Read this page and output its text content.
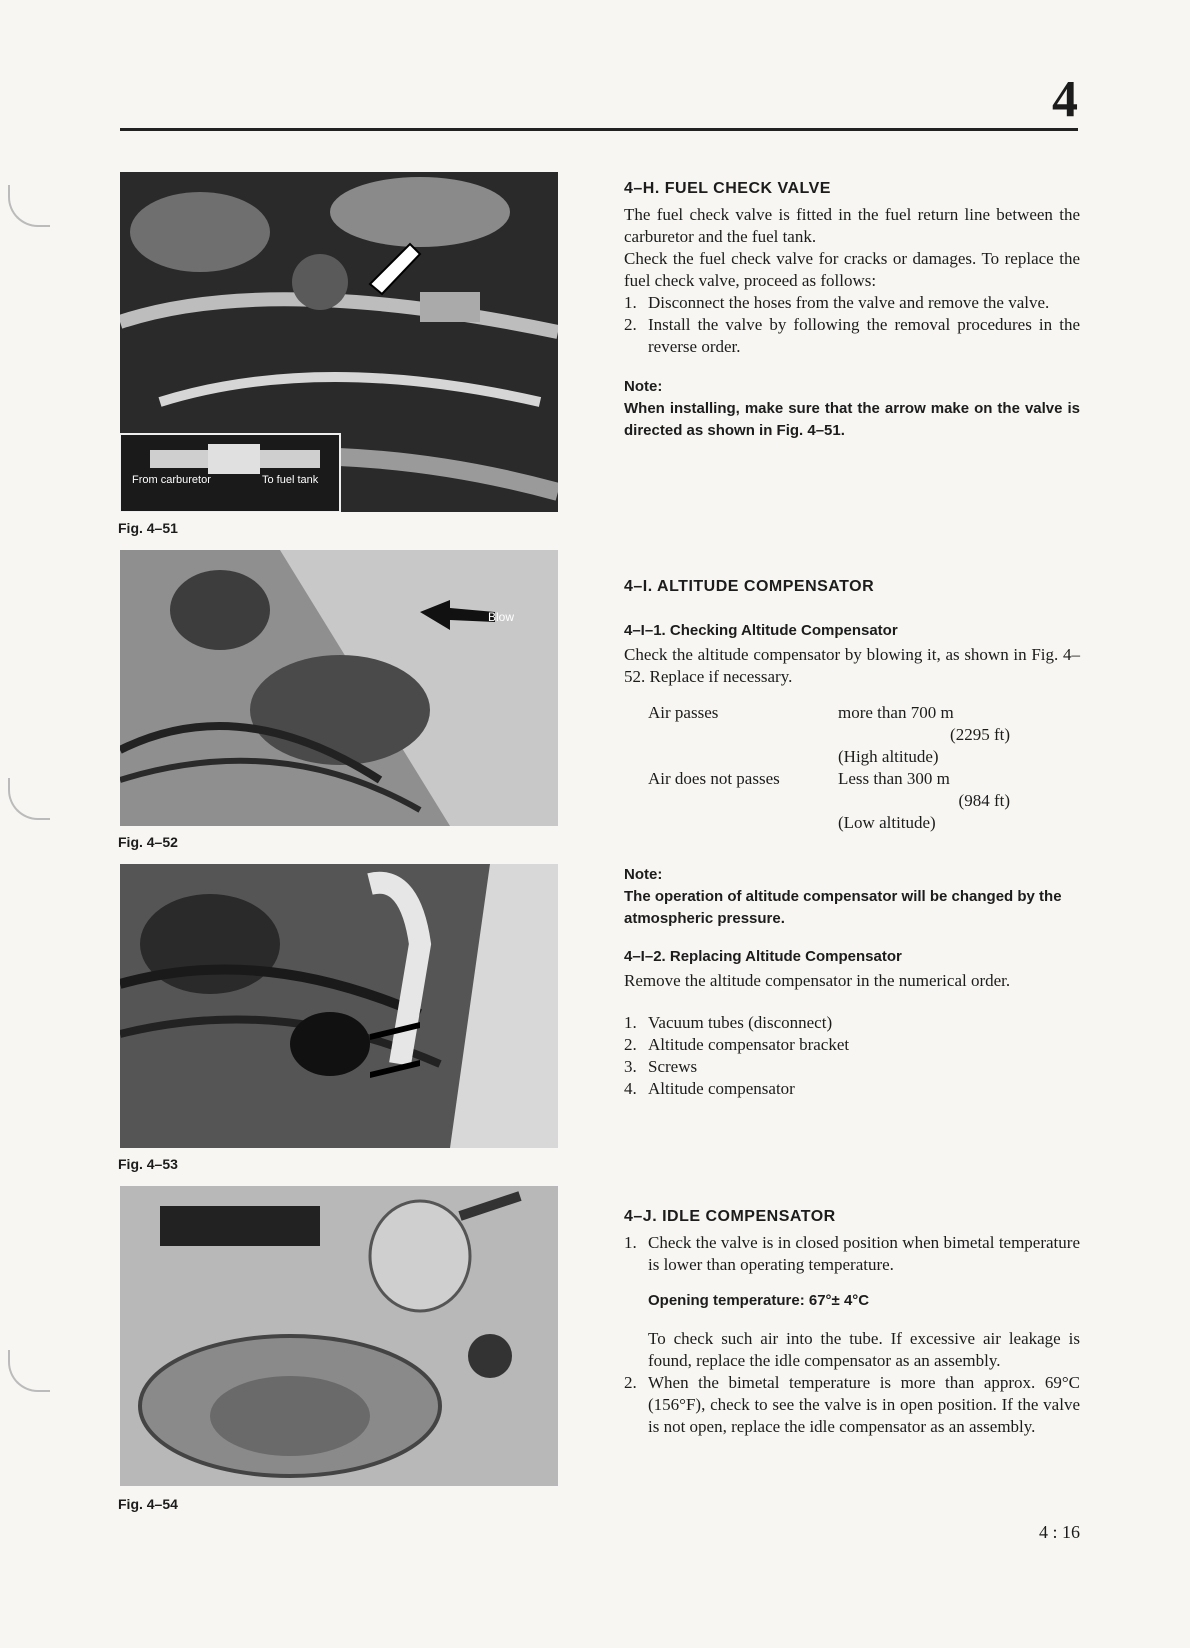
4
From carburetor	To fuel tank
Fig. 4–51
Blow
Fig. 4–52
Fig. 4–53
Fig. 4–54
4–H. FUEL CHECK VALVE

The fuel check valve is fitted in the fuel return line between the carburetor and the fuel tank.

Check the fuel check valve for cracks or damages. To replace the fuel check valve, proceed as follows:

1. Disconnect the hoses from the valve and remove the valve.
2. Install the valve by following the removal procedures in the reverse order.
Note:
When installing, make sure that the arrow make on the valve is directed as shown in Fig. 4–51.
4–I. ALTITUDE COMPENSATOR
4–I–1. Checking Altitude Compensator

Check the altitude compensator by blowing it, as shown in Fig. 4–52. Replace if necessary.

Air passes	more than 700 m
(2295 ft)
(High altitude)
Air does not passes	Less than 300 m
(984 ft)
(Low altitude)
Note:
The operation of altitude compensator will be changed by the atmospheric pressure.
4–I–2. Replacing Altitude Compensator

Remove the altitude compensator in the numerical order.

1. Vacuum tubes (disconnect)
2. Altitude compensator bracket
3. Screws
4. Altitude compensator
4–J. IDLE COMPENSATOR
1. Check the valve is in closed position when bimetal temperature is lower than operating temperature.
Opening temperature: 67°± 4°C

To check such air into the tube. If excessive air leakage is found, replace the idle compensator as an assembly.

2. When the bimetal temperature is more than approx. 69°C (156°F), check to see the valve is in open position. If the valve is not open, replace the idle compensator as an assembly.
4 : 16
